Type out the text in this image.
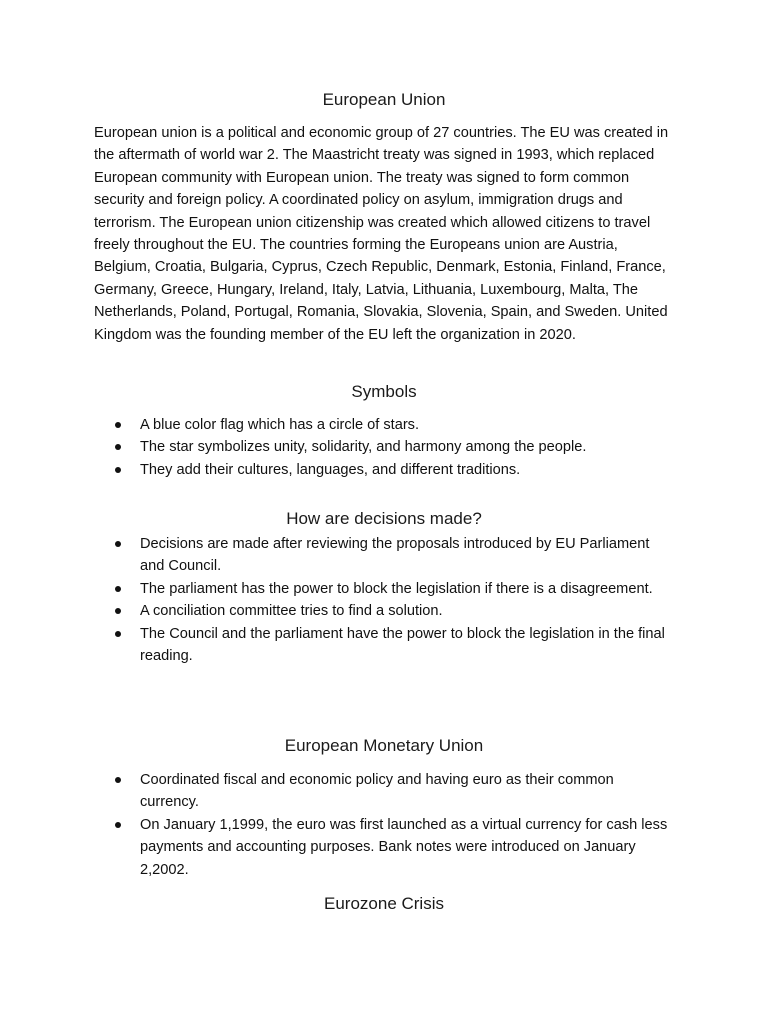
European Union

European union is a political and economic group of 27 countries. The EU was created in the aftermath of world war 2. The Maastricht treaty was signed in 1993, which replaced European community with European union. The treaty was signed to form common security and foreign policy. A coordinated policy on asylum, immigration drugs and terrorism. The European union citizenship was created which allowed citizens to travel freely throughout the EU. The countries forming the Europeans union are Austria, Belgium, Croatia, Bulgaria, Cyprus, Czech Republic, Denmark, Estonia, Finland, France, Germany, Greece, Hungary, Ireland, Italy, Latvia, Lithuania, Luxembourg, Malta, The Netherlands, Poland, Portugal, Romania, Slovakia, Slovenia, Spain, and Sweden. United Kingdom was the founding member of the EU left the organization in 2020.

Symbols
A blue color flag which has a circle of stars.
The star symbolizes unity, solidarity, and harmony among the people.
They add their cultures, languages, and different traditions.
How are decisions made?
Decisions are made after reviewing the proposals introduced by EU Parliament and Council.
The parliament has the power to block the legislation if there is a disagreement.
A conciliation committee tries to find a solution.
The Council and the parliament have the power to block the legislation in the final reading.
European Monetary Union
Coordinated fiscal and economic policy and having euro as their common currency.
On January 1,1999, the euro was first launched as a virtual currency for cash less payments and accounting purposes. Bank notes were introduced on January 2,2002.
Eurozone Crisis
